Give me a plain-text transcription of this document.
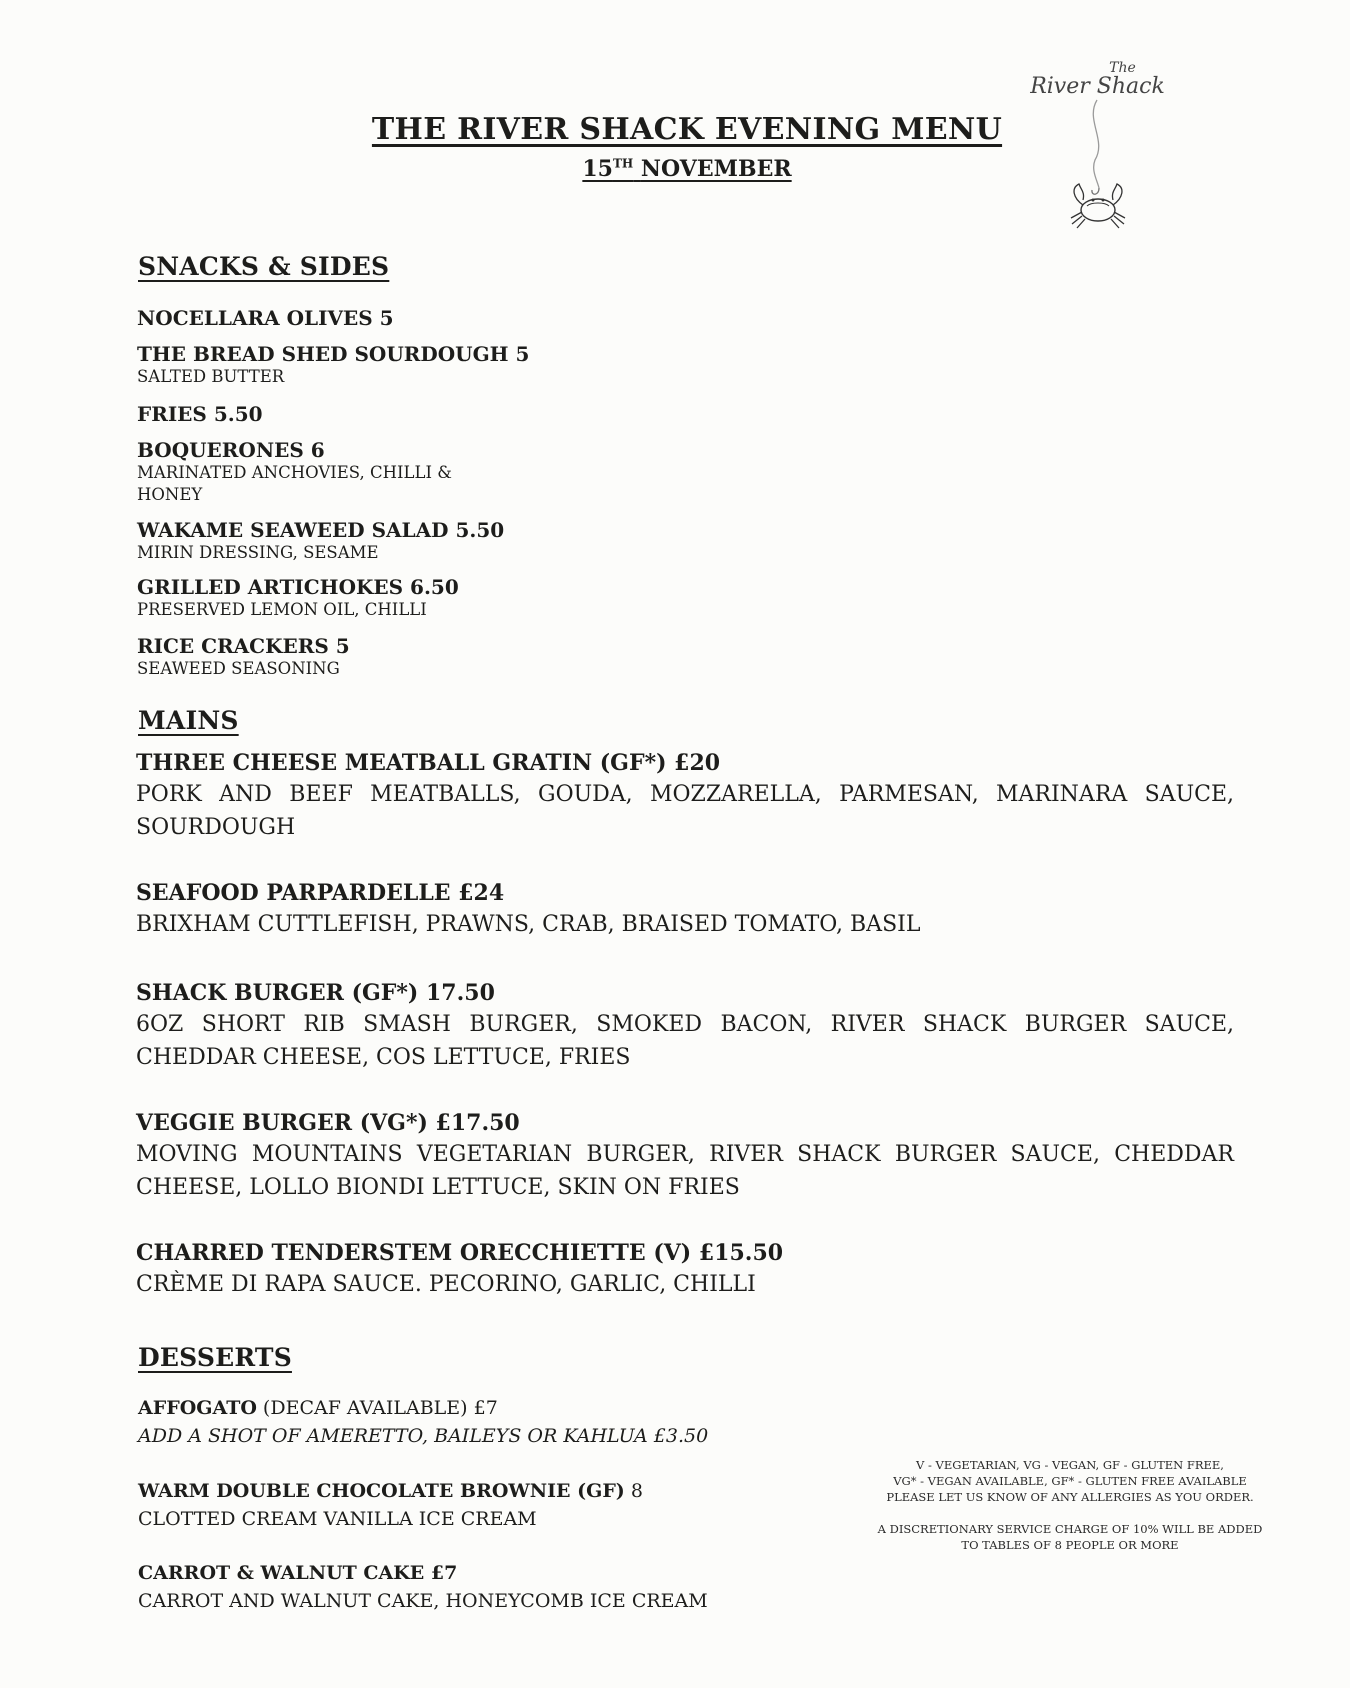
THE RIVER SHACK EVENING MENU
15TH NOVEMBER
The
River Shack
SNACKS & SIDES
NOCELLARA OLIVES 5
THE BREAD SHED SOURDOUGH 5
SALTED BUTTER
FRIES 5.50
BOQUERONES 6
MARINATED ANCHOVIES, CHILLI & HONEY
WAKAME SEAWEED SALAD 5.50
MIRIN DRESSING, SESAME
GRILLED ARTICHOKES 6.50
PRESERVED LEMON OIL, CHILLI
RICE CRACKERS 5
SEAWEED SEASONING
MAINS
THREE CHEESE MEATBALL GRATIN (GF*) £20
PORK AND BEEF MEATBALLS, GOUDA, MOZZARELLA, PARMESAN, MARINARA SAUCE, SOURDOUGH
SEAFOOD PARPARDELLE £24
BRIXHAM CUTTLEFISH, PRAWNS, CRAB, BRAISED TOMATO, BASIL
SHACK BURGER (GF*) 17.50
6OZ SHORT RIB SMASH BURGER, SMOKED BACON, RIVER SHACK BURGER SAUCE, CHEDDAR CHEESE, COS LETTUCE, FRIES
VEGGIE BURGER (VG*) £17.50
MOVING MOUNTAINS VEGETARIAN BURGER, RIVER SHACK BURGER SAUCE, CHEDDAR CHEESE, LOLLO BIONDI LETTUCE, SKIN ON FRIES
CHARRED TENDERSTEM ORECCHIETTE (V) £15.50
CRÈME DI RAPA SAUCE. PECORINO, GARLIC, CHILLI
DESSERTS
AFFOGATO (DECAF AVAILABLE) £7
ADD A SHOT OF AMERETTO, BAILEYS OR KAHLUA £3.50
WARM DOUBLE CHOCOLATE BROWNIE (GF) 8
CLOTTED CREAM VANILLA ICE CREAM
CARROT & WALNUT CAKE £7
CARROT AND WALNUT CAKE, HONEYCOMB ICE CREAM
V - VEGETARIAN, VG - VEGAN, GF - GLUTEN FREE,
VG* - VEGAN AVAILABLE, GF* - GLUTEN FREE AVAILABLE
PLEASE LET US KNOW OF ANY ALLERGIES AS YOU ORDER.
A DISCRETIONARY SERVICE CHARGE OF 10% WILL BE ADDED
TO TABLES OF 8 PEOPLE OR MORE
